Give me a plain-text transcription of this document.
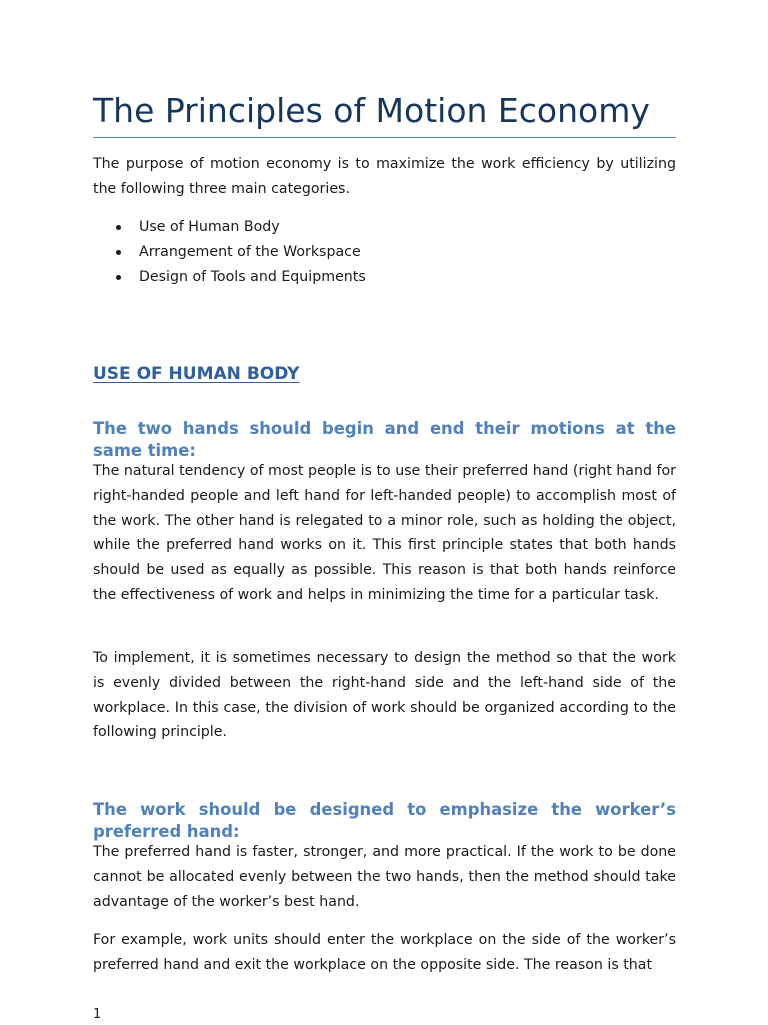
The Principles of Motion Economy

The purpose of motion economy is to maximize the work efficiency by utilizing the following three main categories.

Use of Human Body
Arrangement of the Workspace
Design of Tools and Equipments
USE OF HUMAN BODY
The two hands should begin and end their motions at the same time:

The natural tendency of most people is to use their preferred hand (right hand for right-handed people and left hand for left-handed people) to accomplish most of the work. The other hand is relegated to a minor role, such as holding the object, while the preferred hand works on it. This first principle states that both hands should be used as equally as possible. This reason is that both hands reinforce the effectiveness of work and helps in minimizing the time for a particular task.

To implement, it is sometimes necessary to design the method so that the work is evenly divided between the right-hand side and the left-hand side of the workplace. In this case, the division of work should be organized according to the following principle.

The work should be designed to emphasize the worker’s preferred hand:

The preferred hand is faster, stronger, and more practical. If the work to be done cannot be allocated evenly between the two hands, then the method should take advantage of the worker’s best hand.

For example, work units should enter the workplace on the side of the worker’s preferred hand and exit the workplace on the opposite side. The reason is that

1
